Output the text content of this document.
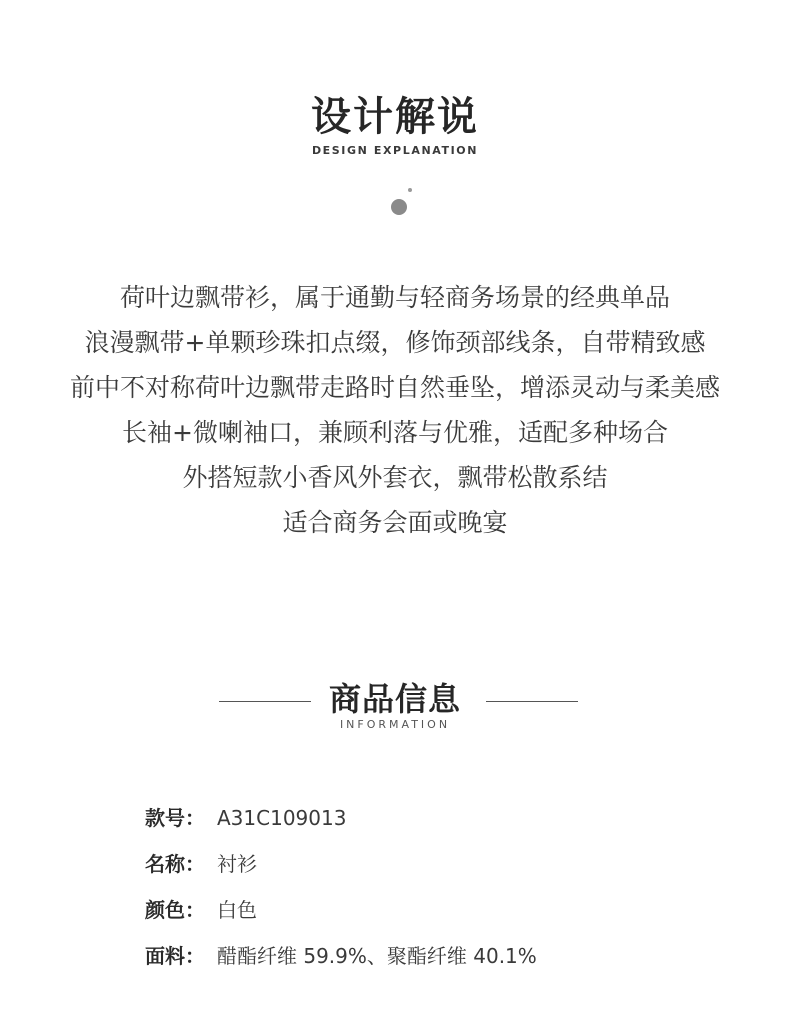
设计解说
DESIGN EXPLANATION
荷叶边飘带衫，属于通勤与轻商务场景的经典单品
浪漫飘带+单颗珍珠扣点缀，修饰颈部线条，自带精致感
前中不对称荷叶边飘带走路时自然垂坠，增添灵动与柔美感
长袖+微喇袖口，兼顾利落与优雅，适配多种场合
外搭短款小香风外套衣，飘带松散系结
适合商务会面或晚宴
商品信息
INFORMATION
款号： A31C109013
名称： 衬衫
颜色： 白色
面料： 醋酯纤维 59.9%、聚酯纤维 40.1%
